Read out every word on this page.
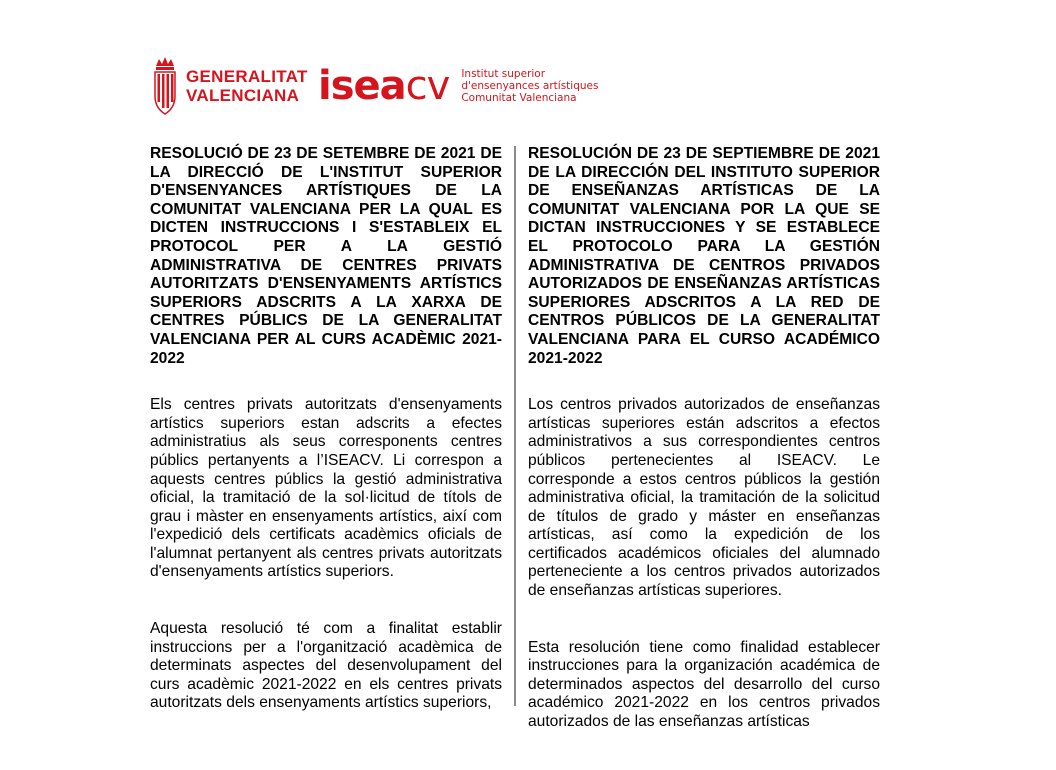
GENERALITAT
VALENCIANA iseacv Institut superior
d'ensenyances artístiques
Comunitat Valenciana

RESOLUCIÓ DE 23 DE SETEMBRE DE 2021 DE LA DIRECCIÓ DE L'INSTITUT SUPERIOR D'ENSENYANCES ARTÍSTIQUES DE LA COMUNITAT VALENCIANA PER LA QUAL ES DICTEN INSTRUCCIONS I S'ESTABLEIX EL PROTOCOL PER A LA GESTIÓ ADMINISTRATIVA DE CENTRES PRIVATS AUTORITZATS D'ENSENYAMENTS ARTÍSTICS SUPERIORS ADSCRITS A LA XARXA DE CENTRES PÚBLICS DE LA GENERALITAT VALENCIANA PER AL CURS ACADÈMIC 2021-2022

Els centres privats autoritzats d'ensenyaments artístics superiors estan adscrits a efectes administratius als seus corresponents centres públics pertanyents a l’ISEACV. Li correspon a aquests centres públics la gestió administrativa oficial, la tramitació de la sol·licitud de títols de grau i màster en ensenyaments artístics, així com l'expedició dels certificats acadèmics oficials de l'alumnat pertanyent als centres privats autoritzats d'ensenyaments artístics superiors.

Aquesta resolució té com a finalitat establir instruccions per a l'organització acadèmica de determinats aspectes del desenvolupament del curs acadèmic 2021-2022 en els centres privats autoritzats dels ensenyaments artístics superiors,

RESOLUCIÓN DE 23 DE SEPTIEMBRE DE 2021 DE LA DIRECCIÓN DEL INSTITUTO SUPERIOR DE ENSEÑANZAS ARTÍSTICAS DE LA COMUNITAT VALENCIANA POR LA QUE SE DICTAN INSTRUCCIONES Y SE ESTABLECE EL PROTOCOLO PARA LA GESTIÓN ADMINISTRATIVA DE CENTROS PRIVADOS AUTORIZADOS DE ENSEÑANZAS ARTÍSTICAS SUPERIORES ADSCRITOS A LA RED DE CENTROS PÚBLICOS DE LA GENERALITAT VALENCIANA PARA EL CURSO ACADÉMICO 2021-2022

Los centros privados autorizados de enseñanzas artísticas superiores están adscritos a efectos administrativos a sus correspondientes centros públicos pertenecientes al ISEACV. Le corresponde a estos centros públicos la gestión administrativa oficial, la tramitación de la solicitud de títulos de grado y máster en enseñanzas artísticas, así como la expedición de los certificados académicos oficiales del alumnado perteneciente a los centros privados autorizados de enseñanzas artísticas superiores.

Esta resolución tiene como finalidad establecer instrucciones para la organización académica de determinados aspectos del desarrollo del curso académico 2021-2022 en los centros privados autorizados de las enseñanzas artísticas
